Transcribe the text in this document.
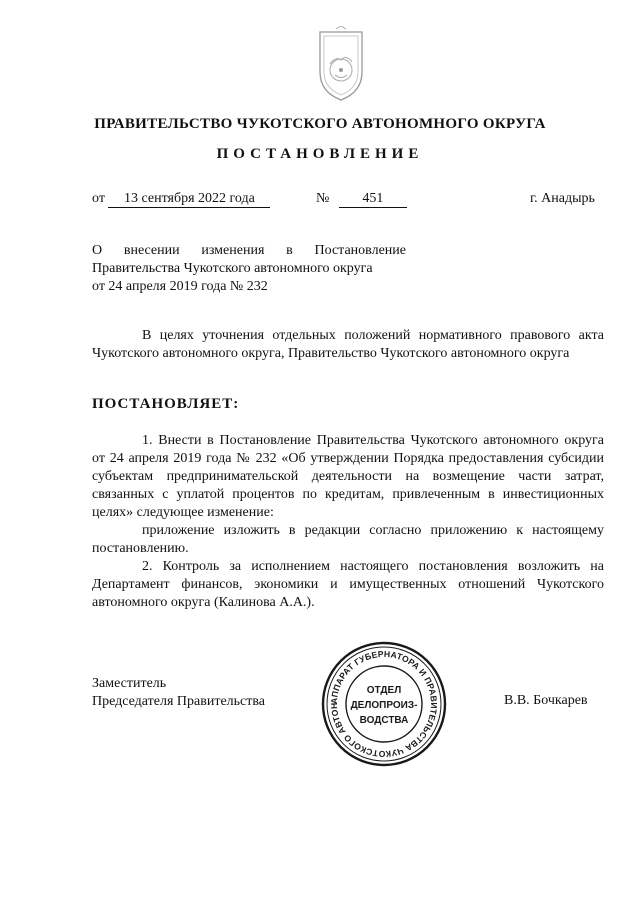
ПРАВИТЕЛЬСТВО ЧУКОТСКОГО АВТОНОМНОГО ОКРУГА
ПОСТАНОВЛЕНИЕ
от 13 сентября 2022 года	№ 451	г. Анадырь
О внесении изменения в Постановление
Правительства Чукотского автономного округа
от 24 апреля 2019 года № 232
В целях уточнения отдельных положений нормативного правового акта Чукотского автономного округа, Правительство Чукотского автономного округа
ПОСТАНОВЛЯЕТ:
1. Внести в Постановление Правительства Чукотского автономного округа от 24 апреля 2019 года № 232 «Об утверждении Порядка предоставления субсидии субъектам предпринимательской деятельности на возмещение части затрат, связанных с уплатой процентов по кредитам, привлеченным в инвестиционных целях» следующее изменение:
приложение изложить в редакции согласно приложению к настоящему постановлению.
2. Контроль за исполнением настоящего постановления возложить на Департамент финансов, экономики и имущественных отношений Чукотского автономного округа (Калинова А.А.).
Заместитель
Председателя Правительства	В.В. Бочкарев
АППАРАТ ГУБЕРНАТОРА И ПРАВИТЕЛЬСТВА ЧУКОТСКОГО АВТОН
ОТДЕЛ
ДЕЛОПРОИЗ-
ВОДСТВА
